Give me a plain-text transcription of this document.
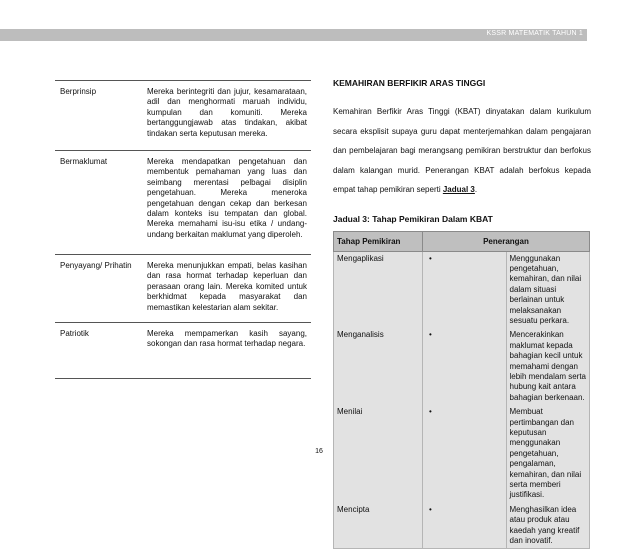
KSSR MATEMATIK TAHUN 1
Berprinsip	Mereka berintegriti dan jujur, kesamarataan, adil dan menghormati maruah individu, kumpulan dan komuniti. Mereka bertanggungjawab atas tindakan, akibat tindakan serta keputusan mereka.
Bermaklumat	Mereka mendapatkan pengetahuan dan membentuk pemahaman yang luas dan seimbang merentasi pelbagai disiplin pengetahuan. Mereka meneroka pengetahuan dengan cekap dan berkesan dalam konteks isu tempatan dan global. Mereka memahami isu-isu etika / undang-undang berkaitan maklumat yang diperoleh.
Penyayang/ Prihatin	Mereka menunjukkan empati, belas kasihan dan rasa hormat terhadap keperluan dan perasaan orang lain. Mereka komited untuk berkhidmat kepada masyarakat dan memastikan kelestarian alam sekitar.
Patriotik	Mereka mempamerkan kasih sayang, sokongan dan rasa hormat terhadap negara.
KEMAHIRAN BERFIKIR ARAS TINGGI

Kemahiran Berfikir Aras Tinggi (KBAT) dinyatakan dalam kurikulum secara eksplisit supaya guru dapat menterjemahkan dalam pengajaran dan pembelajaran bagi merangsang pemikiran berstruktur dan berfokus dalam kalangan murid. Penerangan KBAT adalah berfokus kepada empat tahap pemikiran seperti Jadual 3.

Jadual 3: Tahap Pemikiran Dalam KBAT
Tahap Pemikiran	Penerangan	
Mengaplikasi	•	Menggunakan pengetahuan, kemahiran, dan nilai dalam situasi berlainan untuk melaksanakan sesuatu perkara.
Menganalisis	•	Mencerakinkan maklumat kepada bahagian kecil untuk memahami dengan lebih mendalam serta hubung kait antara bahagian berkenaan.
Menilai	•	Membuat pertimbangan dan keputusan menggunakan pengetahuan, pengalaman, kemahiran, dan nilai serta memberi justifikasi.
Mencipta	•	Menghasilkan idea atau produk atau kaedah yang kreatif dan inovatif.
16
